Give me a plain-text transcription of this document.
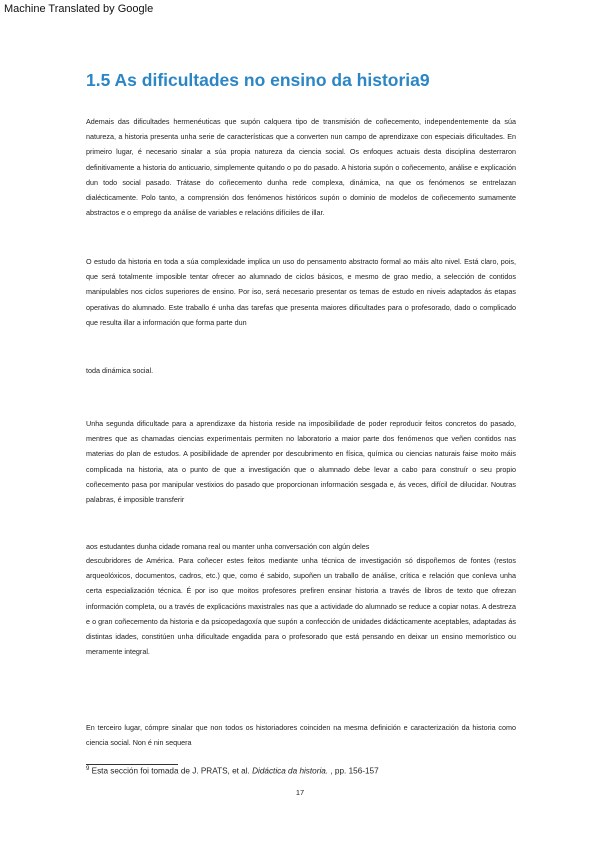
Machine Translated by Google
1.5 As dificultades no ensino da historia9

Ademais das dificultades hermenéuticas que supón calquera tipo de transmisión de coñecemento, independentemente da súa natureza, a historia presenta unha serie de características que a converten nun campo de aprendizaxe con especiais dificultades. En primeiro lugar, é necesario sinalar a súa propia natureza da ciencia social. Os enfoques actuais desta disciplina desterraron definitivamente a historia do anticuario, simplemente quitando o po do pasado. A historia supón o coñecemento, análise e explicación dun todo social pasado. Trátase do coñecemento dunha rede complexa, dinámica, na que os fenómenos se entrelazan dialécticamente. Polo tanto, a comprensión dos fenómenos históricos supón o dominio de modelos de coñecemento sumamente abstractos e o emprego da análise de variables e relacións difíciles de illar.

O estudo da historia en toda a súa complexidade implica un uso do pensamento abstracto formal ao máis alto nivel. Está claro, pois, que será totalmente imposible tentar ofrecer ao alumnado de ciclos básicos, e mesmo de grao medio, a selección de contidos manipulables nos ciclos superiores de ensino. Por iso, será necesario presentar os temas de estudo en niveis adaptados ás etapas operativas do alumnado. Este traballo é unha das tarefas que presenta maiores dificultades para o profesorado, dado o complicado que resulta illar a información que forma parte dun

toda dinámica social.

Unha segunda dificultade para a aprendizaxe da historia reside na imposibilidade de poder reproducir feitos concretos do pasado, mentres que as chamadas ciencias experimentais permiten no laboratorio a maior parte dos fenómenos que veñen contidos nas materias do plan de estudos. A posibilidade de aprender por descubrimento en física, química ou ciencias naturais faise moito máis complicada na historia, ata o punto de que a investigación que o alumnado debe levar a cabo para construír o seu propio coñecemento pasa por manipular vestixios do pasado que proporcionan información sesgada e, ás veces, difícil de dilucidar. Noutras palabras, é imposible transferir

aos estudantes dunha cidade romana real ou manter unha conversación con algún deles

descubridores de América. Para coñecer estes feitos mediante unha técnica de investigación só dispoñemos de fontes (restos arqueolóxicos, documentos, cadros, etc.) que, como é sabido, supoñen un traballo de análise, crítica e relación que conleva unha certa especialización técnica. É por iso que moitos profesores prefiren ensinar historia a través de libros de texto que ofrezan información completa, ou a través de explicacións maxistrales nas que a actividade do alumnado se reduce a copiar notas. A destreza e o gran coñecemento da historia e da psicopedagoxía que supón a confección de unidades didácticamente aceptables, adaptadas ás distintas idades, constitúen unha dificultade engadida para o profesorado que está pensando en deixar un ensino memorístico ou meramente integral.

En terceiro lugar, cómpre sinalar que non todos os historiadores coinciden na mesma definición e caracterización da historia como ciencia social. Non é nin sequera

$^9$ Esta sección foi tomada de J. PRATS, et al. Didáctica da historia. , pp. 156-157
17
